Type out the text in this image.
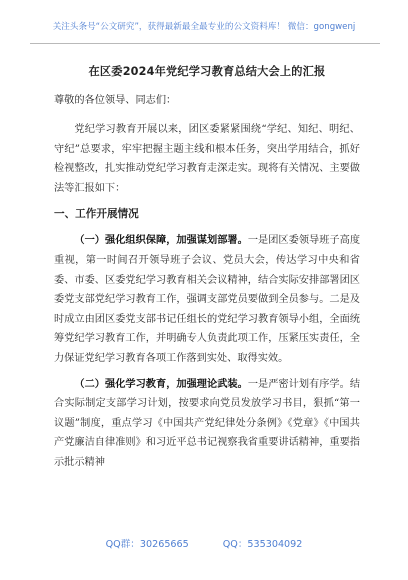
关注头条号“公文研究”，获得最新最全最专业的公文资料库！ 微信：gongwenj
在区委2024年党纪学习教育总结大会上的汇报
尊敬的各位领导、同志们：

党纪学习教育开展以来，团区委紧紧围绕“学纪、知纪、明纪、守纪”总要求，牢牢把握主题主线和根本任务，突出学用结合，抓好检视整改，扎实推动党纪学习教育走深走实。现将有关情况、主要做法等汇报如下：

一、工作开展情况

（一）强化组织保障，加强谋划部署。一是团区委领导班子高度重视，第一时间召开领导班子会议、党员大会，传达学习中央和省委、市委、区委党纪学习教育相关会议精神，结合实际安排部署团区委党支部党纪学习教育工作，强调支部党员要做到全员参与。二是及时成立由团区委党支部书记任组长的党纪学习教育领导小组，全面统筹党纪学习教育工作，并明确专人负责此项工作，压紧压实责任，全力保证党纪学习教育各项工作落到实处、取得实效。

（二）强化学习教育，加强理论武装。一是严密计划有序学。结合实际制定支部学习计划，按要求向党员发放学习书目，狠抓“第一议题”制度，重点学习《中国共产党纪律处分条例》《党章》《中国共产党廉洁自律准则》和习近平总书记视察我省重要讲话精神，重要指示批示精神

QQ群：30265665	QQ：535304092
